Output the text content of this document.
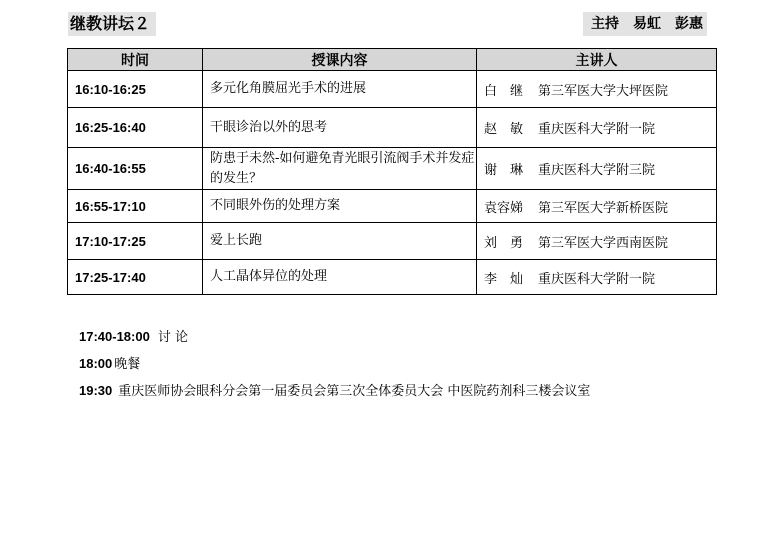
继教讲坛２	主持　易虹　彭惠
时间	授课内容	主讲人
16:10-16:25	多元化角膜屈光手术的进展	白　继 第三军医大学大坪医院
16:25-16:40	干眼诊治以外的思考	赵　敏 重庆医科大学附一院
16:40-16:55	防患于未然-如何避免青光眼引流阀手术并发症的发生？	谢　琳 重庆医科大学附三院
16:55-17:10	不同眼外伤的处理方案	袁容娣 第三军医大学新桥医院
17:10-17:25	爱上长跑	刘　勇 第三军医大学西南医院
17:25-17:40	人工晶体异位的处理	李　灿 重庆医科大学附一院
17:40-18:00 讨 论
18:00 晚餐
19:30 重庆医师协会眼科分会第一届委员会第三次全体委员大会 中医院药剂科三楼会议室
